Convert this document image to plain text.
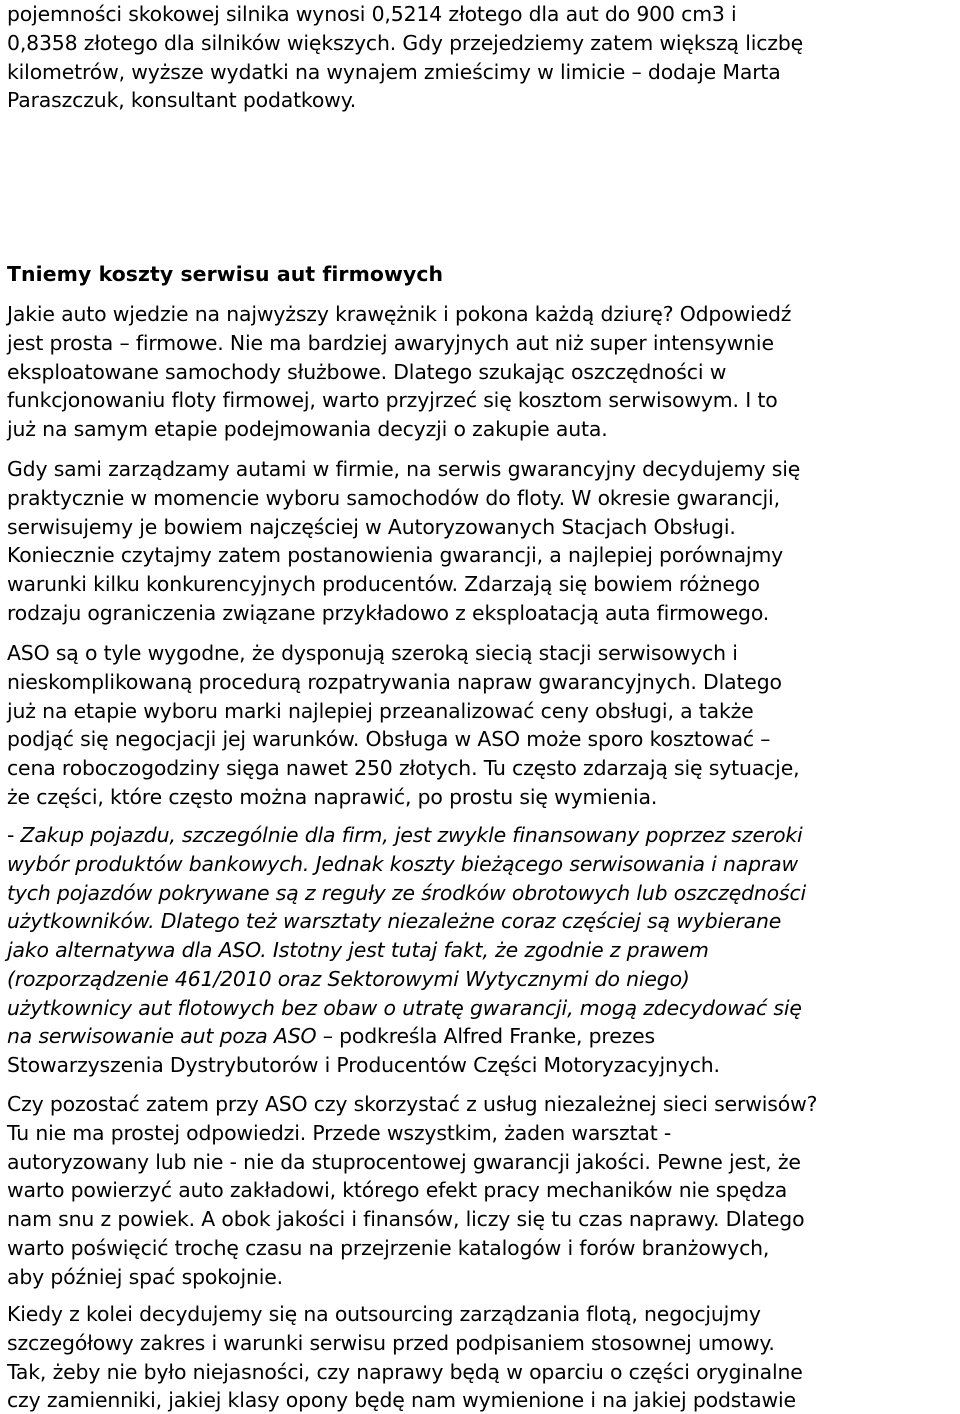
pojemności skokowej silnika wynosi 0,5214 złotego dla aut do 900 cm3 i
0,8358 złotego dla silników większych. Gdy przejedziemy zatem większą liczbę
kilometrów, wyższe wydatki na wynajem zmieścimy w limicie – dodaje Marta
Paraszczuk, konsultant podatkowy.
Tniemy koszty serwisu aut firmowych
Jakie auto wjedzie na najwyższy krawężnik i pokona każdą dziurę? Odpowiedź
jest prosta – firmowe. Nie ma bardziej awaryjnych aut niż super intensywnie
eksploatowane samochody służbowe. Dlatego szukając oszczędności w
funkcjonowaniu floty firmowej, warto przyjrzeć się kosztom serwisowym. I to
już na samym etapie podejmowania decyzji o zakupie auta.
Gdy sami zarządzamy autami w firmie, na serwis gwarancyjny decydujemy się
praktycznie w momencie wyboru samochodów do floty. W okresie gwarancji,
serwisujemy je bowiem najczęściej w Autoryzowanych Stacjach Obsługi.
Koniecznie czytajmy zatem postanowienia gwarancji, a najlepiej porównajmy
warunki kilku konkurencyjnych producentów. Zdarzają się bowiem różnego
rodzaju ograniczenia związane przykładowo z eksploatacją auta firmowego.
ASO są o tyle wygodne, że dysponują szeroką siecią stacji serwisowych i
nieskomplikowaną procedurą rozpatrywania napraw gwarancyjnych. Dlatego
już na etapie wyboru marki najlepiej przeanalizować ceny obsługi, a także
podjąć się negocjacji jej warunków. Obsługa w ASO może sporo kosztować –
cena roboczogodziny sięga nawet 250 złotych. Tu często zdarzają się sytuacje,
że części, które często można naprawić, po prostu się wymienia.
- Zakup pojazdu, szczególnie dla firm, jest zwykle finansowany poprzez szeroki
wybór produktów bankowych. Jednak koszty bieżącego serwisowania i napraw
tych pojazdów pokrywane są z reguły ze środków obrotowych lub oszczędności
użytkowników. Dlatego też warsztaty niezależne coraz częściej są wybierane
jako alternatywa dla ASO. Istotny jest tutaj fakt, że zgodnie z prawem
(rozporządzenie 461/2010 oraz Sektorowymi Wytycznymi do niego)
użytkownicy aut flotowych bez obaw o utratę gwarancji, mogą zdecydować się
na serwisowanie aut poza ASO – podkreśla Alfred Franke, prezes
Stowarzyszenia Dystrybutorów i Producentów Części Motoryzacyjnych.
Czy pozostać zatem przy ASO czy skorzystać z usług niezależnej sieci serwisów?
Tu nie ma prostej odpowiedzi. Przede wszystkim, żaden warsztat -
autoryzowany lub nie - nie da stuprocentowej gwarancji jakości. Pewne jest, że
warto powierzyć auto zakładowi, którego efekt pracy mechaników nie spędza
nam snu z powiek. A obok jakości i finansów, liczy się tu czas naprawy. Dlatego
warto poświęcić trochę czasu na przejrzenie katalogów i forów branżowych,
aby później spać spokojnie.
Kiedy z kolei decydujemy się na outsourcing zarządzania flotą, negocjujmy
szczegółowy zakres i warunki serwisu przed podpisaniem stosownej umowy.
Tak, żeby nie było niejasności, czy naprawy będą w oparciu o części oryginalne
czy zamienniki, jakiej klasy opony będę nam wymienione i na jakiej podstawie
